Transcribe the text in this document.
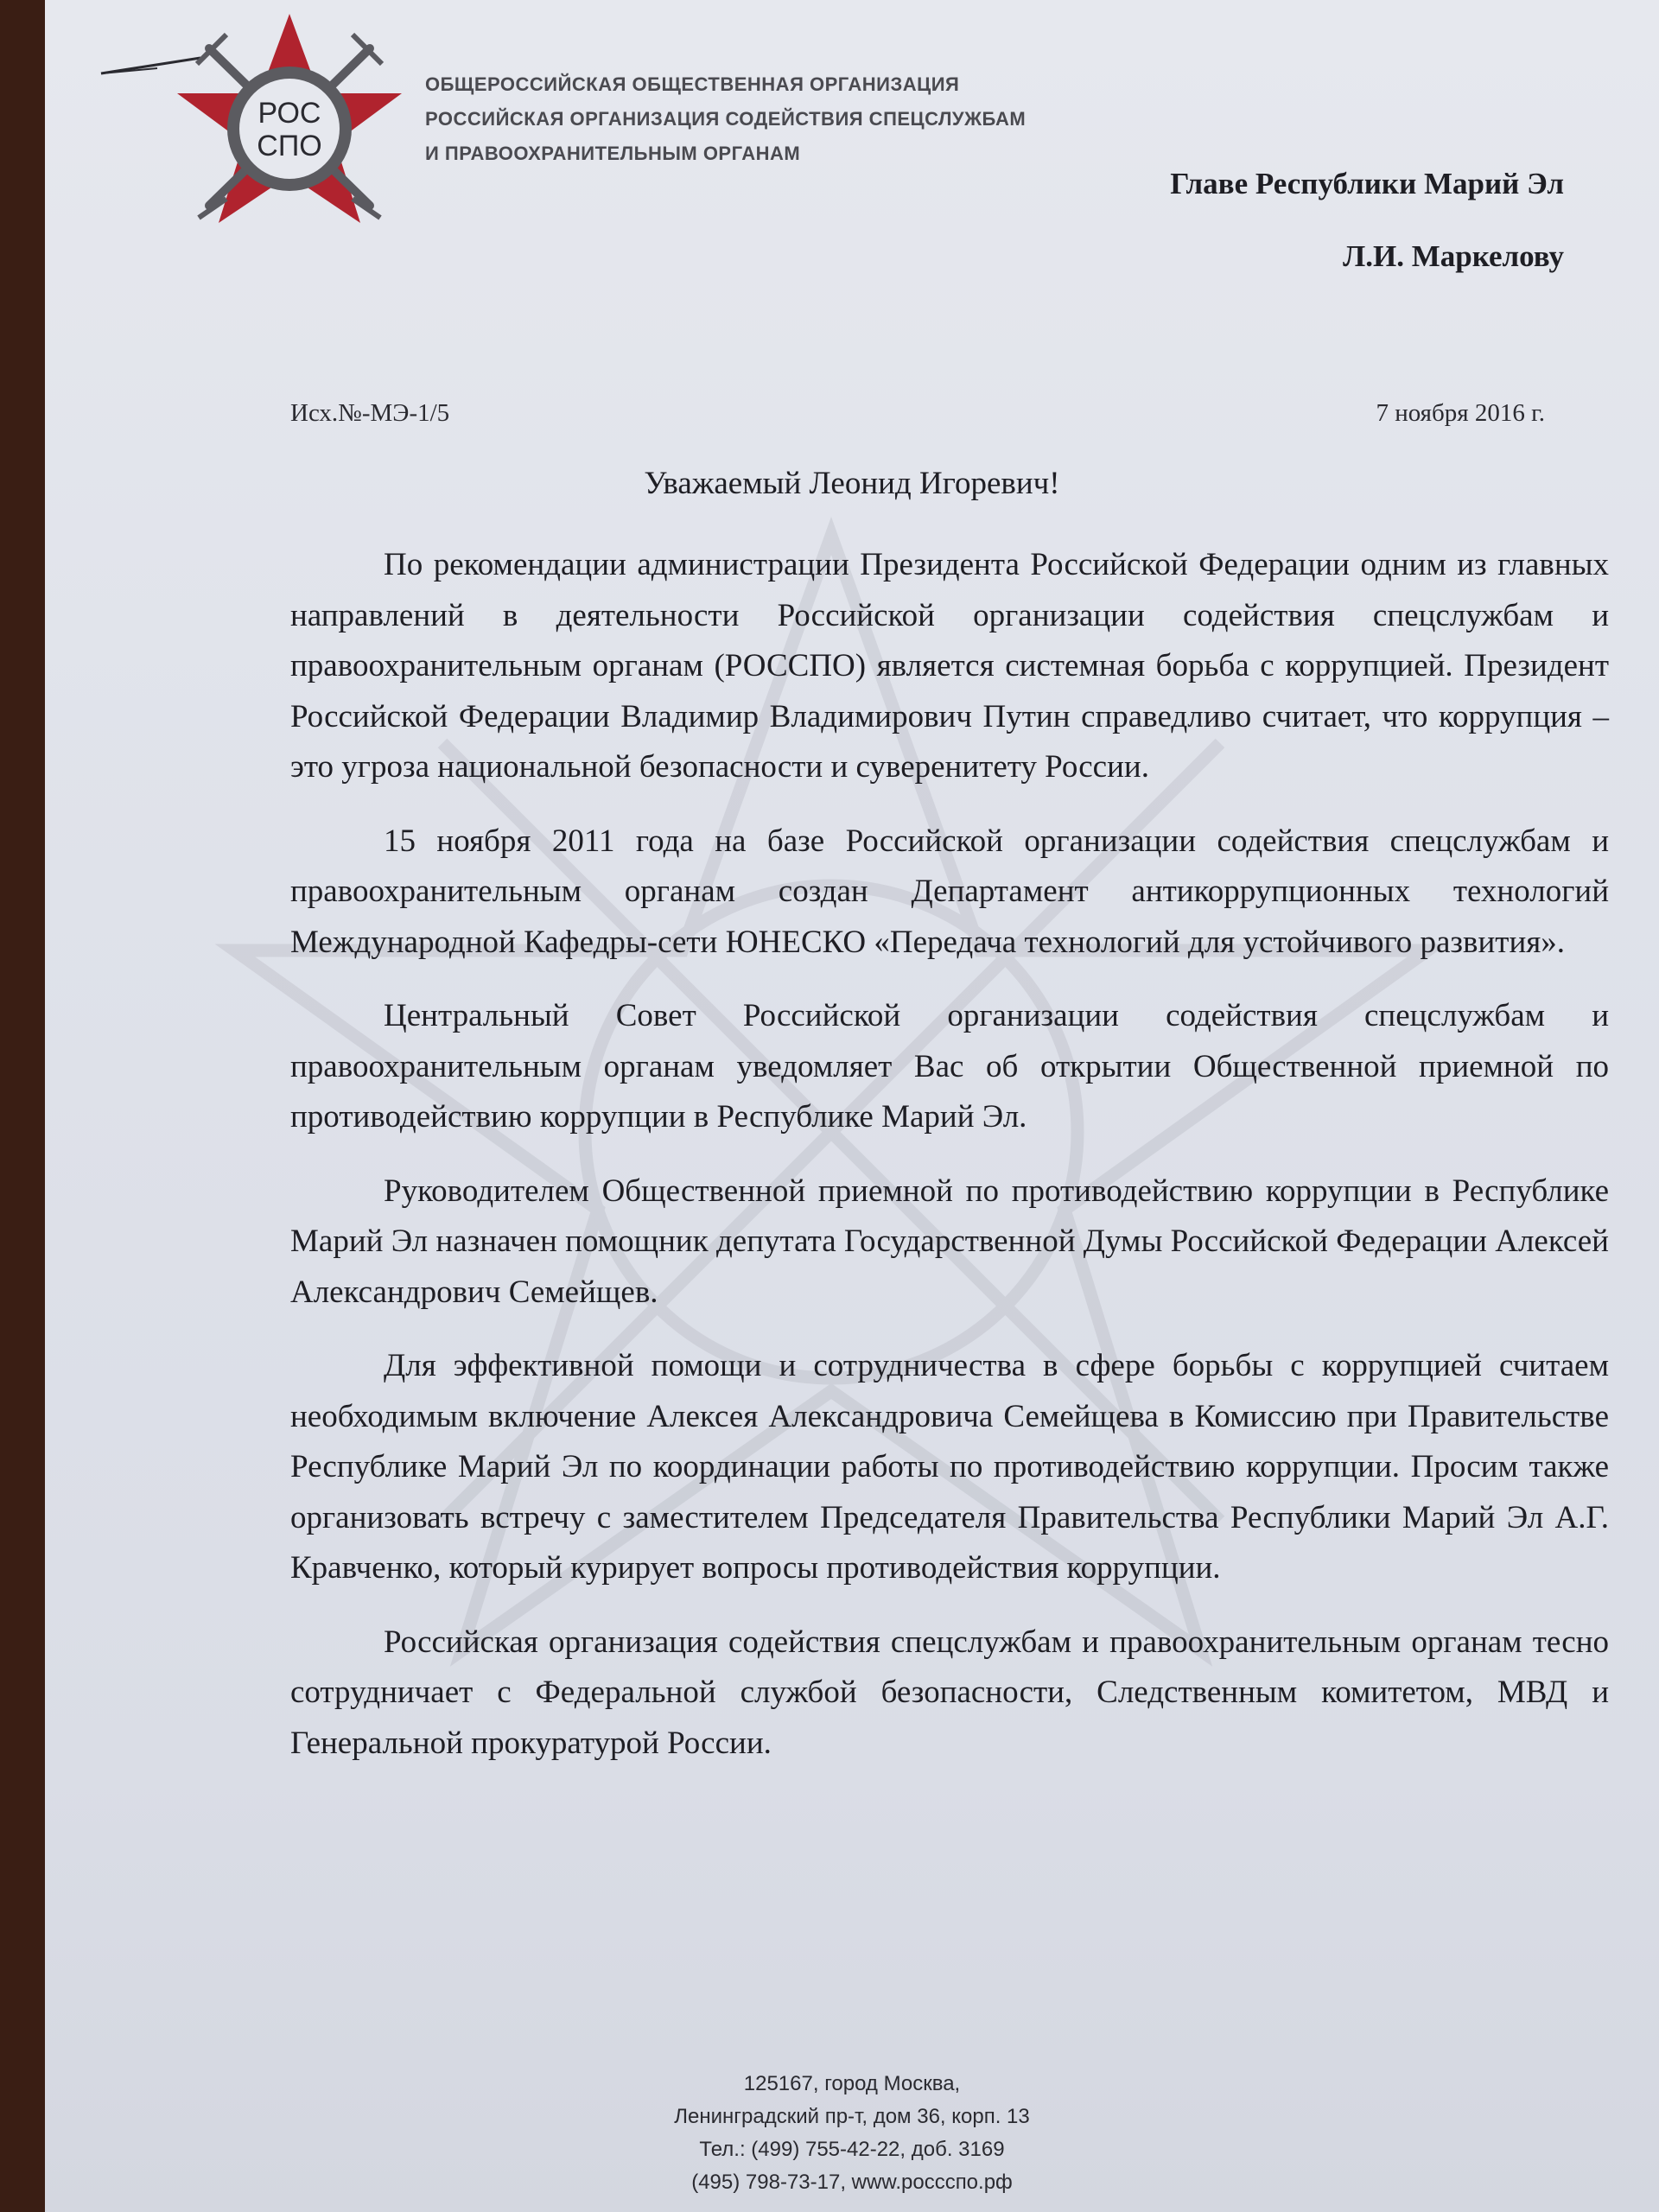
РОС
СПО
ОБЩЕРОССИЙСКАЯ ОБЩЕСТВЕННАЯ ОРГАНИЗАЦИЯ
РОССИЙСКАЯ ОРГАНИЗАЦИЯ СОДЕЙСТВИЯ СПЕЦСЛУЖБАМ
И ПРАВООХРАНИТЕЛЬНЫМ ОРГАНАМ
Главе Республики Марий Эл
Л.И. Маркелову
Исх.№-МЭ-1/5	7 ноября 2016 г.
Уважаемый Леонид Игоревич!

По рекомендации администрации Президента Российской Федерации одним из главных направлений в деятельности Российской организации содействия спецслужбам и правоохранительным органам (РОССПО) является системная борьба с коррупцией. Президент Российской Федерации Владимир Владимирович Путин справедливо считает, что коррупция – это угроза национальной безопасности и суверенитету России.

15 ноября 2011 года на базе Российской организации содействия спецслужбам и правоохранительным органам создан Департамент антикоррупционных технологий Международной Кафедры-сети ЮНЕСКО «Передача технологий для устойчивого развития».

Центральный Совет Российской организации содействия спецслужбам и правоохранительным органам уведомляет Вас об открытии Общественной приемной по противодействию коррупции в Республике Марий Эл.

Руководителем Общественной приемной по противодействию коррупции в Республике Марий Эл назначен помощник депутата Государственной Думы Российской Федерации Алексей Александрович Семейщев.

Для эффективной помощи и сотрудничества в сфере борьбы с коррупцией считаем необходимым включение Алексея Александровича Семейщева в Комиссию при Правительстве Республике Марий Эл по координации работы по противодействию коррупции. Просим также организовать встречу с заместителем Председателя Правительства Республики Марий Эл А.Г. Кравченко, который курирует вопросы противодействия коррупции.

Российская организация содействия спецслужбам и правоохранительным органам тесно сотрудничает с Федеральной службой безопасности, Следственным комитетом, МВД и Генеральной прокуратурой России.

125167, город Москва,
Ленинградский пр-т, дом 36, корп. 13
Тел.: (499) 755-42-22, доб. 3169
(495) 798-73-17, www.россспо.рф
